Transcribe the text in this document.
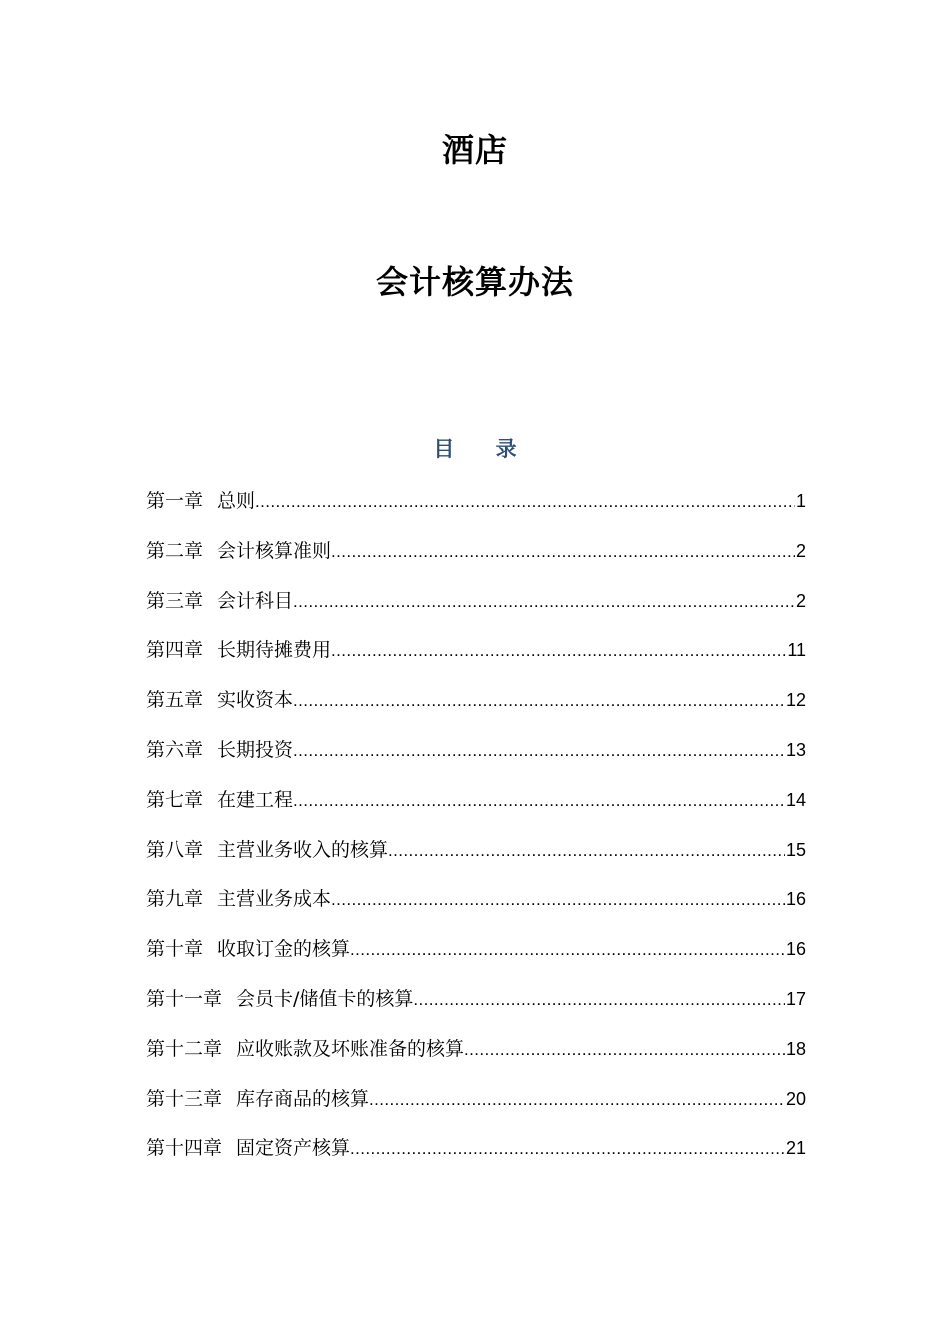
酒店
会计核算办法
目 录
第一章 总则 .....	1
第二章 会计核算准则 .....	2
第三章 会计科目 .....	2
第四章 长期待摊费用 .....	11
第五章 实收资本 .....	12
第六章 长期投资 .....	13
第七章 在建工程 .....	14
第八章 主营业务收入的核算 .....	15
第九章 主营业务成本 .....	16
第十章 收取订金的核算 .....	16
第十一章 会员卡/储值卡的核算 .....	17
第十二章 应收账款及坏账准备的核算 .....	18
第十三章 库存商品的核算 .....	20
第十四章 固定资产核算 .....	21
